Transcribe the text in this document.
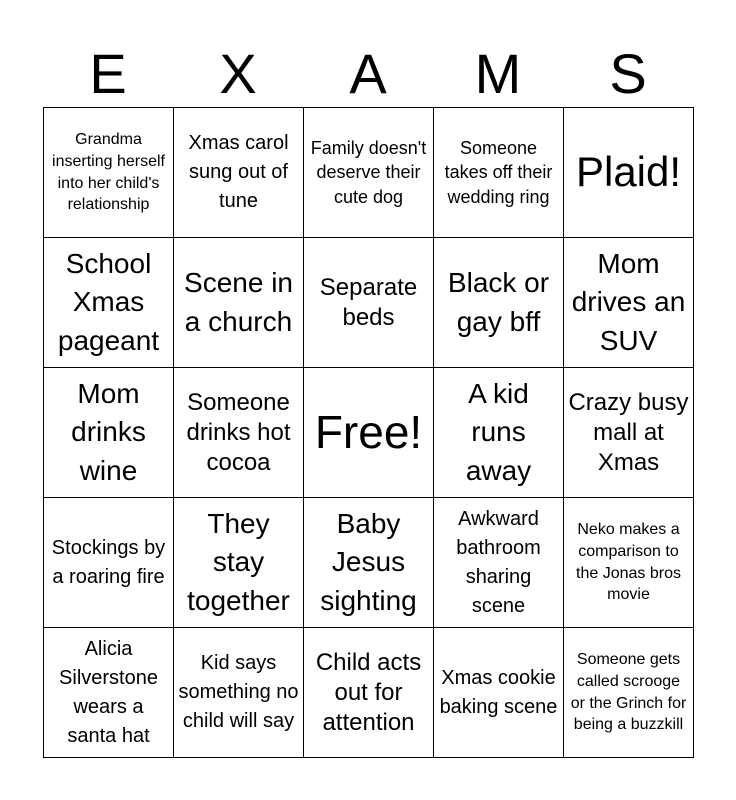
E	X	A	M	S
Grandma inserting herself into her child's relationship	Xmas carol sung out of tune	Family doesn't deserve their cute dog	Someone takes off their wedding ring	Plaid!
School Xmas pageant	Scene in a church	Separate beds	Black or gay bff	Mom drives an SUV
Mom drinks wine	Someone drinks hot cocoa	Free!	A kid runs away	Crazy busy mall at Xmas
Stockings by a roaring fire	They stay together	Baby Jesus sighting	Awkward bathroom sharing scene	Neko makes a comparison to the Jonas bros movie
Alicia Silverstone wears a santa hat	Kid says something no child will say	Child acts out for attention	Xmas cookie baking scene	Someone gets called scrooge or the Grinch for being a buzzkill
